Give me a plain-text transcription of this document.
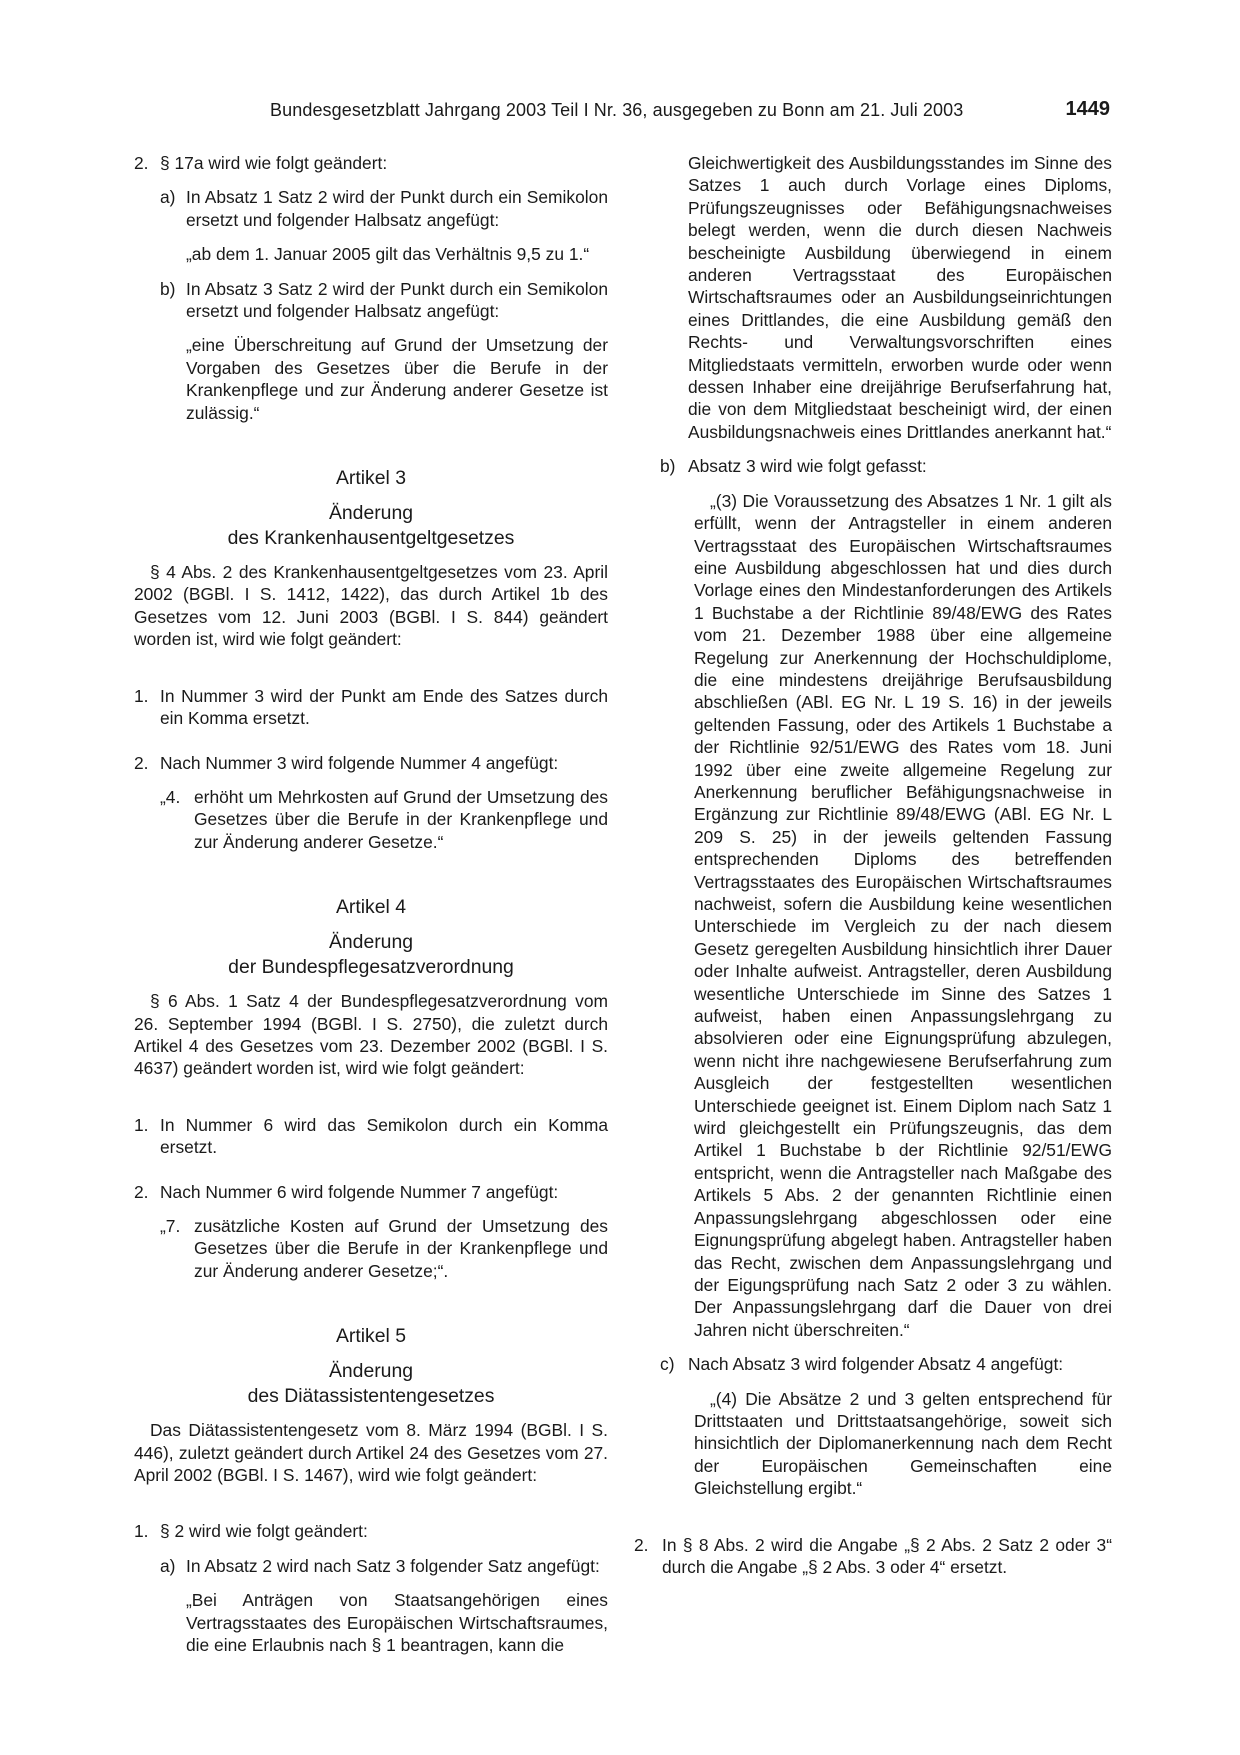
Bundesgesetzblatt Jahrgang 2003 Teil I Nr. 36, ausgegeben zu Bonn am 21. Juli 2003	1449
2. § 17a wird wie folgt geändert:

a) In Absatz 1 Satz 2 wird der Punkt durch ein Semikolon ersetzt und folgender Halbsatz angefügt:

„ab dem 1. Januar 2005 gilt das Verhältnis 9,5 zu 1.“

b) In Absatz 3 Satz 2 wird der Punkt durch ein Semikolon ersetzt und folgender Halbsatz angefügt:

„eine Überschreitung auf Grund der Umsetzung der Vorgaben des Gesetzes über die Berufe in der Krankenpflege und zur Änderung anderer Gesetze ist zulässig.“

Artikel 3
Änderung
des Krankenhausentgeltgesetzes

§ 4 Abs. 2 des Krankenhausentgeltgesetzes vom 23. April 2002 (BGBl. I S. 1412, 1422), das durch Artikel 1b des Gesetzes vom 12. Juni 2003 (BGBl. I S. 844) geändert worden ist, wird wie folgt geändert:

1. In Nummer 3 wird der Punkt am Ende des Satzes durch ein Komma ersetzt.

2. Nach Nummer 3 wird folgende Nummer 4 angefügt:

„4. erhöht um Mehrkosten auf Grund der Umsetzung des Gesetzes über die Berufe in der Krankenpflege und zur Änderung anderer Gesetze.“

Artikel 4
Änderung
der Bundespflegesatzverordnung

§ 6 Abs. 1 Satz 4 der Bundespflegesatzverordnung vom 26. September 1994 (BGBl. I S. 2750), die zuletzt durch Artikel 4 des Gesetzes vom 23. Dezember 2002 (BGBl. I S. 4637) geändert worden ist, wird wie folgt geändert:

1. In Nummer 6 wird das Semikolon durch ein Komma ersetzt.

2. Nach Nummer 6 wird folgende Nummer 7 angefügt:

„7. zusätzliche Kosten auf Grund der Umsetzung des Gesetzes über die Berufe in der Krankenpflege und zur Änderung anderer Gesetze;“.

Artikel 5
Änderung
des Diätassistentengesetzes

Das Diätassistentengesetz vom 8. März 1994 (BGBl. I S. 446), zuletzt geändert durch Artikel 24 des Gesetzes vom 27. April 2002 (BGBl. I S. 1467), wird wie folgt geändert:

1. § 2 wird wie folgt geändert:

a) In Absatz 2 wird nach Satz 3 folgender Satz angefügt:

„Bei Anträgen von Staatsangehörigen eines Vertragsstaates des Europäischen Wirtschaftsraumes, die eine Erlaubnis nach § 1 beantragen, kann die

Gleichwertigkeit des Ausbildungsstandes im Sinne des Satzes 1 auch durch Vorlage eines Diploms, Prüfungszeugnisses oder Befähigungsnachweises belegt werden, wenn die durch diesen Nachweis bescheinigte Ausbildung überwiegend in einem anderen Vertragsstaat des Europäischen Wirtschaftsraumes oder an Ausbildungseinrichtungen eines Drittlandes, die eine Ausbildung gemäß den Rechts- und Verwaltungsvorschriften eines Mitgliedstaats vermitteln, erworben wurde oder wenn dessen Inhaber eine dreijährige Berufserfahrung hat, die von dem Mitgliedstaat bescheinigt wird, der einen Ausbildungsnachweis eines Drittlandes anerkannt hat.“

b) Absatz 3 wird wie folgt gefasst:

„(3) Die Voraussetzung des Absatzes 1 Nr. 1 gilt als erfüllt, wenn der Antragsteller in einem anderen Vertragsstaat des Europäischen Wirtschaftsraumes eine Ausbildung abgeschlossen hat und dies durch Vorlage eines den Mindestanforderungen des Artikels 1 Buchstabe a der Richtlinie 89/48/EWG des Rates vom 21. Dezember 1988 über eine allgemeine Regelung zur Anerkennung der Hochschuldiplome, die eine mindestens dreijährige Berufsausbildung abschließen (ABl. EG Nr. L 19 S. 16) in der jeweils geltenden Fassung, oder des Artikels 1 Buchstabe a der Richtlinie 92/51/EWG des Rates vom 18. Juni 1992 über eine zweite allgemeine Regelung zur Anerkennung beruflicher Befähigungsnachweise in Ergänzung zur Richtlinie 89/48/EWG (ABl. EG Nr. L 209 S. 25) in der jeweils geltenden Fassung entsprechenden Diploms des betreffenden Vertragsstaates des Europäischen Wirtschaftsraumes nachweist, sofern die Ausbildung keine wesentlichen Unterschiede im Vergleich zu der nach diesem Gesetz geregelten Ausbildung hinsichtlich ihrer Dauer oder Inhalte aufweist. Antragsteller, deren Ausbildung wesentliche Unterschiede im Sinne des Satzes 1 aufweist, haben einen Anpassungslehrgang zu absolvieren oder eine Eignungsprüfung abzulegen, wenn nicht ihre nachgewiesene Berufserfahrung zum Ausgleich der festgestellten wesentlichen Unterschiede geeignet ist. Einem Diplom nach Satz 1 wird gleichgestellt ein Prüfungszeugnis, das dem Artikel 1 Buchstabe b der Richtlinie 92/51/EWG entspricht, wenn die Antragsteller nach Maßgabe des Artikels 5 Abs. 2 der genannten Richtlinie einen Anpassungslehrgang abgeschlossen oder eine Eignungsprüfung abgelegt haben. Antragsteller haben das Recht, zwischen dem Anpassungslehrgang und der Eigungsprüfung nach Satz 2 oder 3 zu wählen. Der Anpassungslehrgang darf die Dauer von drei Jahren nicht überschreiten.“

c) Nach Absatz 3 wird folgender Absatz 4 angefügt:

„(4) Die Absätze 2 und 3 gelten entsprechend für Drittstaaten und Drittstaatsangehörige, soweit sich hinsichtlich der Diplomanerkennung nach dem Recht der Europäischen Gemeinschaften eine Gleichstellung ergibt.“

2. In § 8 Abs. 2 wird die Angabe „§ 2 Abs. 2 Satz 2 oder 3“ durch die Angabe „§ 2 Abs. 3 oder 4“ ersetzt.
